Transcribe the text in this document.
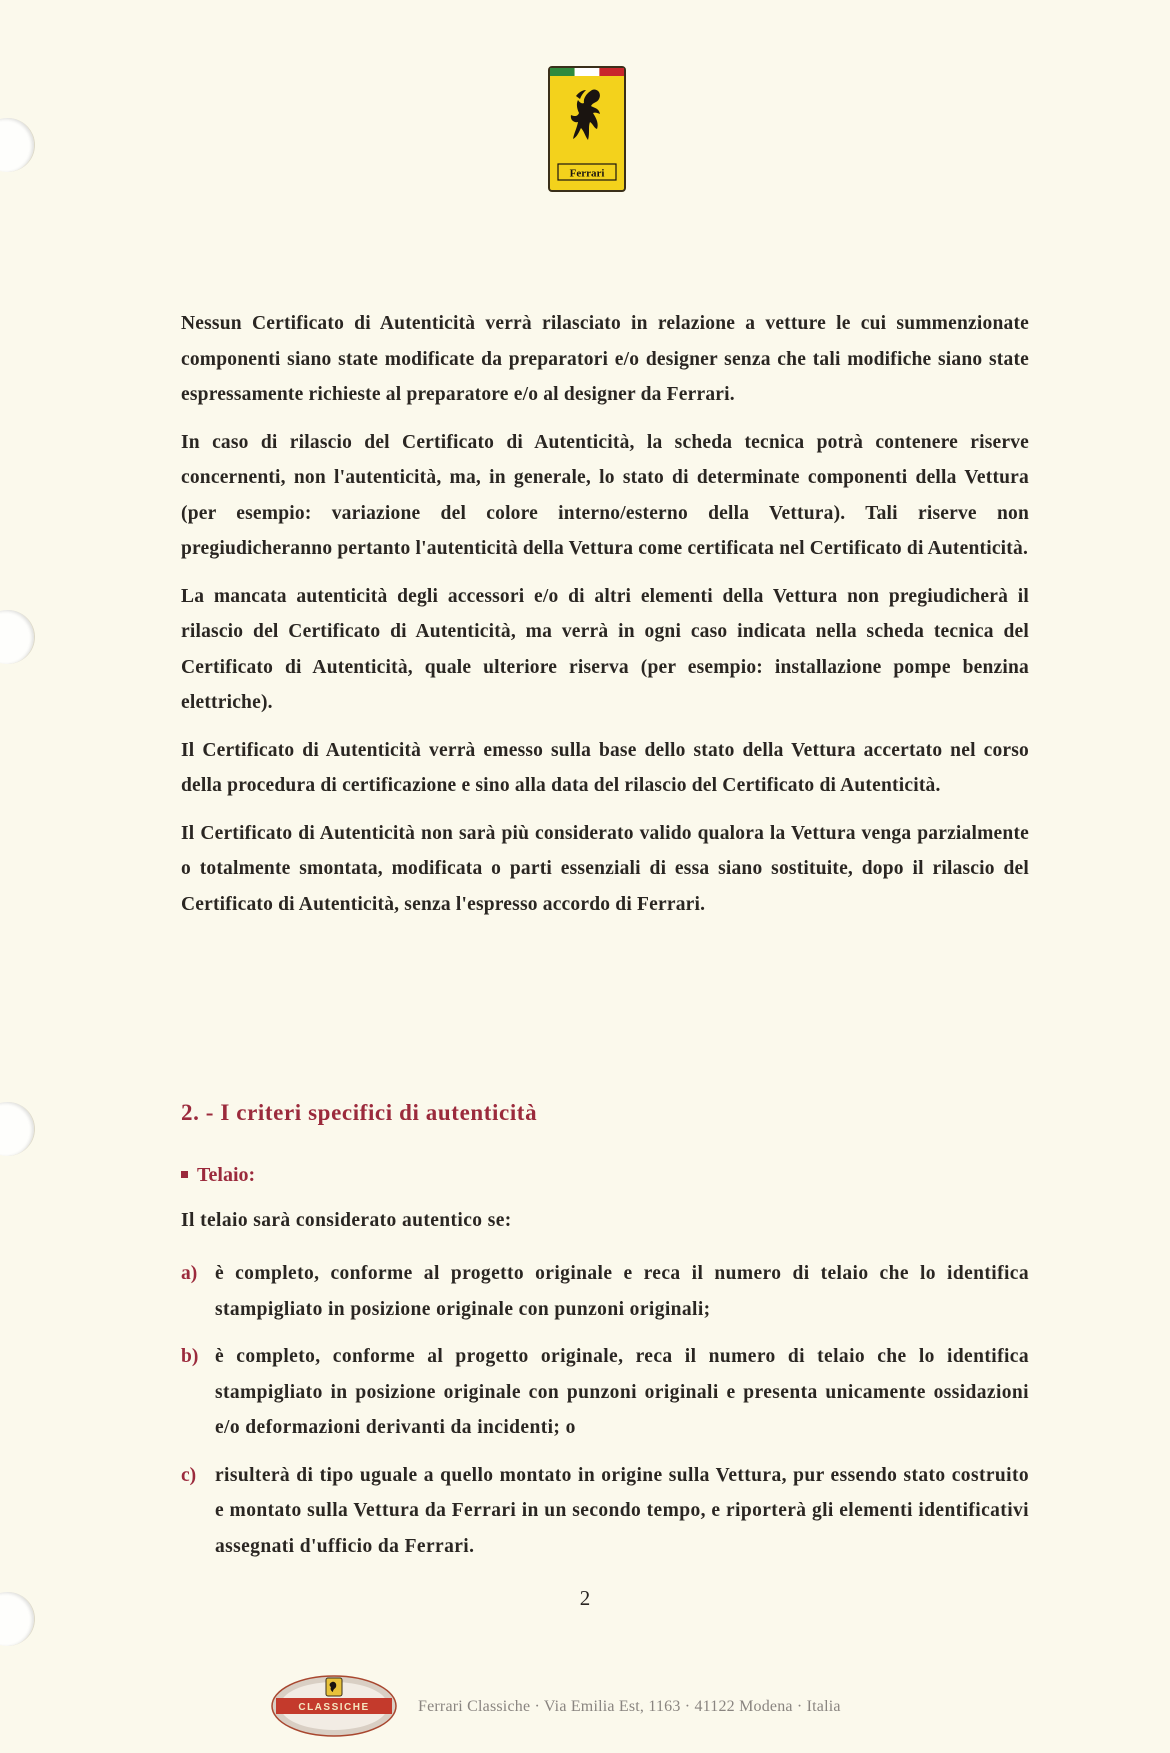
Ferrari

Nessun Certificato di Autenticità verrà rilasciato in relazione a vetture le cui summenzionate componenti siano state modificate da preparatori e/o designer senza che tali modifiche siano state espressamente richieste al preparatore e/o al designer da Ferrari.

In caso di rilascio del Certificato di Autenticità, la scheda tecnica potrà contenere riserve concernenti, non l'autenticità, ma, in generale, lo stato di determinate componenti della Vettura (per esempio: variazione del colore interno/esterno della Vettura). Tali riserve non pregiudicheranno pertanto l'autenticità della Vettura come certificata nel Certificato di Autenticità.

La mancata autenticità degli accessori e/o di altri elementi della Vettura non pregiudicherà il rilascio del Certificato di Autenticità, ma verrà in ogni caso indicata nella scheda tecnica del Certificato di Autenticità, quale ulteriore riserva (per esempio: installazione pompe benzina elettriche).

Il Certificato di Autenticità verrà emesso sulla base dello stato della Vettura accertato nel corso della procedura di certificazione e sino alla data del rilascio del Certificato di Autenticità.

Il Certificato di Autenticità non sarà più considerato valido qualora la Vettura venga parzialmente o totalmente smontata, modificata o parti essenziali di essa siano sostituite, dopo il rilascio del Certificato di Autenticità, senza l'espresso accordo di Ferrari.

2. - I criteri specifici di autenticità
Telaio:
Il telaio sarà considerato autentico se:
a) è completo, conforme al progetto originale e reca il numero di telaio che lo identifica stampigliato in posizione originale con punzoni originali;
b) è completo, conforme al progetto originale, reca il numero di telaio che lo identifica stampigliato in posizione originale con punzoni originali e presenta unicamente ossidazioni e/o deformazioni derivanti da incidenti; o
c) risulterà di tipo uguale a quello montato in origine sulla Vettura, pur essendo stato costruito e montato sulla Vettura da Ferrari in un secondo tempo, e riporterà gli elementi identificativi assegnati d'ufficio da Ferrari.
2
CLASSICHE	Ferrari Classiche · Via Emilia Est, 1163 · 41122 Modena · Italia
